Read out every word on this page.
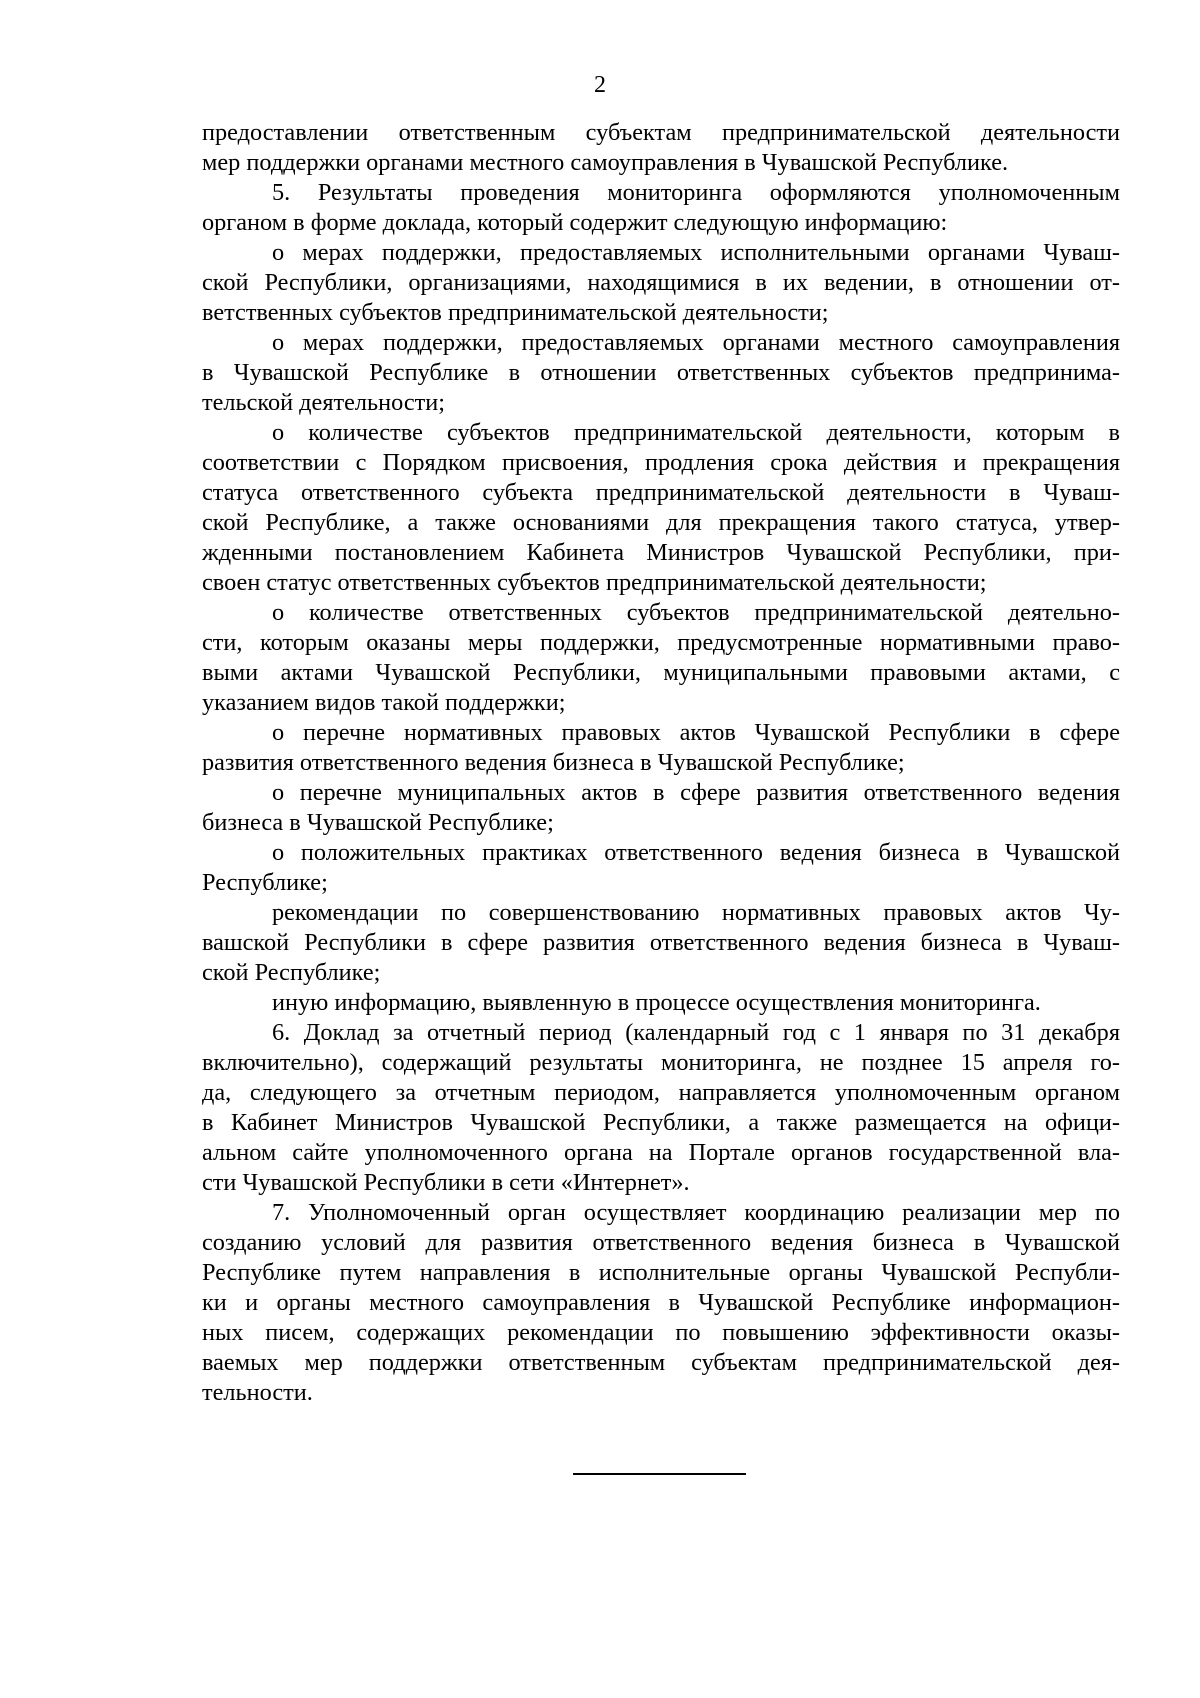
2
предоставлении ответственным субъектам предпринимательской деятельности
мер поддержки органами местного самоуправления в Чувашской Республике.
5. Результаты проведения мониторинга оформляются уполномоченным
органом в форме доклада, который содержит следующую информацию:
о мерах поддержки, предоставляемых исполнительными органами Чуваш-
ской Республики, организациями, находящимися в их ведении, в отношении от-
ветственных субъектов предпринимательской деятельности;
о мерах поддержки, предоставляемых органами местного самоуправления
в Чувашской Республике в отношении ответственных субъектов предпринима-
тельской деятельности;
о количестве субъектов предпринимательской деятельности, которым в
соответствии с Порядком присвоения, продления срока действия и прекращения
статуса ответственного субъекта предпринимательской деятельности в Чуваш-
ской Республике, а также основаниями для прекращения такого статуса, утвер-
жденными постановлением Кабинета Министров Чувашской Республики, при-
своен статус ответственных субъектов предпринимательской деятельности;
о количестве ответственных субъектов предпринимательской деятельно-
сти, которым оказаны меры поддержки, предусмотренные нормативными право-
выми актами Чувашской Республики, муниципальными правовыми актами, с
указанием видов такой поддержки;
о перечне нормативных правовых актов Чувашской Республики в сфере
развития ответственного ведения бизнеса в Чувашской Республике;
о перечне муниципальных актов в сфере развития ответственного ведения
бизнеса в Чувашской Республике;
о положительных практиках ответственного ведения бизнеса в Чувашской
Республике;
рекомендации по совершенствованию нормативных правовых актов Чу-
вашской Республики в сфере развития ответственного ведения бизнеса в Чуваш-
ской Республике;
иную информацию, выявленную в процессе осуществления мониторинга.
6. Доклад за отчетный период (календарный год с 1 января по 31 декабря
включительно), содержащий результаты мониторинга, не позднее 15 апреля го-
да, следующего за отчетным периодом, направляется уполномоченным органом
в Кабинет Министров Чувашской Республики, а также размещается на офици-
альном сайте уполномоченного органа на Портале органов государственной вла-
сти Чувашской Республики в сети «Интернет».
7. Уполномоченный орган осуществляет координацию реализации мер по
созданию условий для развития ответственного ведения бизнеса в Чувашской
Республике путем направления в исполнительные органы Чувашской Республи-
ки и органы местного самоуправления в Чувашской Республике информацион-
ных писем, содержащих рекомендации по повышению эффективности оказы-
ваемых мер поддержки ответственным субъектам предпринимательской дея-
тельности.
